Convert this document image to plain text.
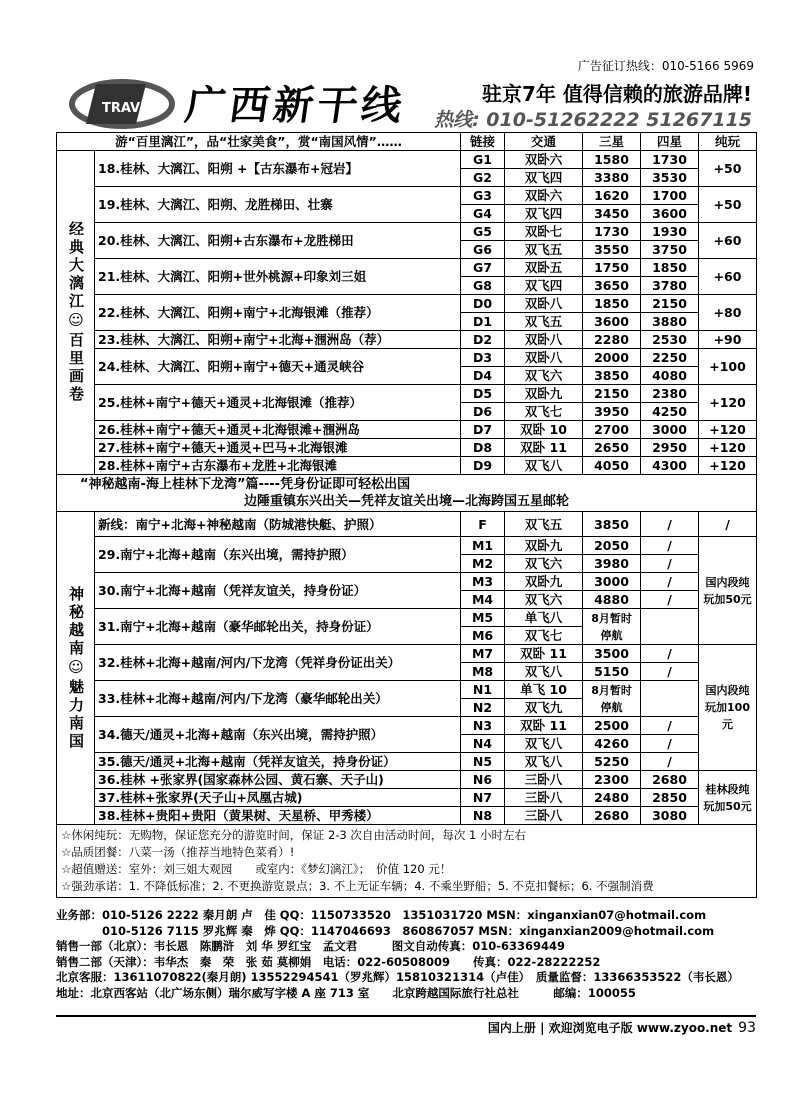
广告征订热线：010-5166 5969
TRAVEL 广西新干线	驻京7年 值得信赖的旅游品牌!
热线: 010-51262222 51267115
游“百里漓江”，品“壮家美食”，赏“南国风情”……		链接	交通	三星	四星	纯玩
经典大漓江☺百里画卷	18.桂林、大漓江、阳朔 +【古东瀑布+冠岩】	G1	双卧六	1580	1730	+50
		G2	双飞四	3380	3530	
	19.桂林、大漓江、阳朔、龙胜梯田、壮寨	G3	双卧六	1620	1700	+50
		G4	双飞四	3450	3600	
	20.桂林、大漓江、阳朔+古东瀑布+龙胜梯田	G5	双卧七	1730	1930	+60
		G6	双飞五	3550	3750	
	21.桂林、大漓江、阳朔+世外桃源+印象刘三姐	G7	双卧五	1750	1850	+60
		G8	双飞四	3650	3780	
	22.桂林、大漓江、阳朔+南宁+北海银滩（推荐）	D0	双卧八	1850	2150	+80
		D1	双飞五	3600	3880	
	23.桂林、大漓江、阳朔+南宁+北海+涠洲岛（荐）	D2	双卧八	2280	2530	+90
	24.桂林、大漓江、阳朔+南宁+德天+通灵峡谷	D3	双卧八	2000	2250	+100
		D4	双飞六	3850	4080	
	25.桂林+南宁+德天+通灵+北海银滩（推荐）	D5	双卧九	2150	2380	+120
		D6	双飞七	3950	4250	
	26.桂林+南宁+德天+通灵+北海银滩+涠洲岛	D7	双卧 10	2700	3000	+120
	27.桂林+南宁+德天+通灵+巴马+北海银滩	D8	双卧 11	2650	2950	+120
	28.桂林+南宁+古东瀑布+龙胜+北海银滩	D9	双飞八	4050	4300	+120

“神秘越南-海上桂林下龙湾”篇----凭身份证即可轻松出国
边陲重镇东兴出关—凭祥友谊关出境—北海跨国五星邮轮						

神秘越南☺魅力南国	新线：南宁+北海+神秘越南（防城港快艇、护照）	F	双飞五	3850	/	/
	29.南宁+北海+越南（东兴出境，需持护照）	M1	双卧九	2050	/	国内段纯玩加50元
		M2	双飞六	3980	/	
	30.南宁+北海+越南（凭祥友谊关，持身份证）	M3	双卧九	3000	/	
		M4	双飞六	4880	/	
	31.南宁+北海+越南（豪华邮轮出关，持身份证）	M5	单飞八	8月暂时停航		
		M6	双飞七			
	32.桂林+北海+越南/河内/下龙湾（凭祥身份证出关）	M7	双卧 11	3500	/	国内段纯玩加100元
		M8	双飞八	5150	/	
	33.桂林+北海+越南/河内/下龙湾（豪华邮轮出关）	N1	单飞 10	8月暂时停航		
		N2	双飞九			
	34.德天/通灵+北海+越南（东兴出境，需持护照）	N3	双卧 11	2500	/	
		N4	双飞八	4260	/	
	35.德天/通灵+北海+越南（凭祥友谊关，持身份证）	N5	双飞八	5250	/	
	36.桂林 +张家界(国家森林公园、黄石寨、天子山)	N6	三卧八	2300	2680	桂林段纯玩加50元
	37.桂林+张家界(天子山+凤凰古城)	N7	三卧八	2480	2850	
	38.桂林+贵阳+贵阳（黄果树、天星桥、甲秀楼）	N8	三卧八	2680	3080	

☆休闲纯玩：无购物，保证您充分的游览时间，保证 2-3 次自由活动时间，每次 1 小时左右
☆品质团餐：八菜一汤（推荐当地特色菜肴）!
☆超值赠送：室外：刘三姐大观园　　或室内：《梦幻漓江》；　价值 120 元！
☆强劲承诺：1. 不降低标准；2. 不更换游览景点；3. 不上无证车辆；4. 不乘坐野船；5. 不克扣餐标；6. 不强制消费						
业务部：010-5126 2222 秦月朗 卢　佳 QQ：1150733520　1351031720 MSN：xinganxian07@hotmail.com
　　　　010-5126 7115 罗兆辉 秦　烨 QQ：1147046693　860867057 MSN：xinganxian2009@hotmail.com
销售一部（北京）：韦长恩　陈鹏浒　刘 华 罗红宝　孟文君　　　图文自动传真：010-63369449
销售二部（天津）：韦华杰　秦　荣　张 茹 莫柳娟　电话：022-60508009　　传真：022-28222252
北京客服：13611070822(秦月朗) 13552294541（罗兆辉）15810321314（卢佳）　质量监督：13366353522（韦长恩）
地址：北京西客站（北广场东侧）瑞尔威写字楼 A 座 713 室　　北京跨越国际旅行社总社　　　邮编：100055
国内上册 | 欢迎浏览电子版 www.zyoo.net 93
